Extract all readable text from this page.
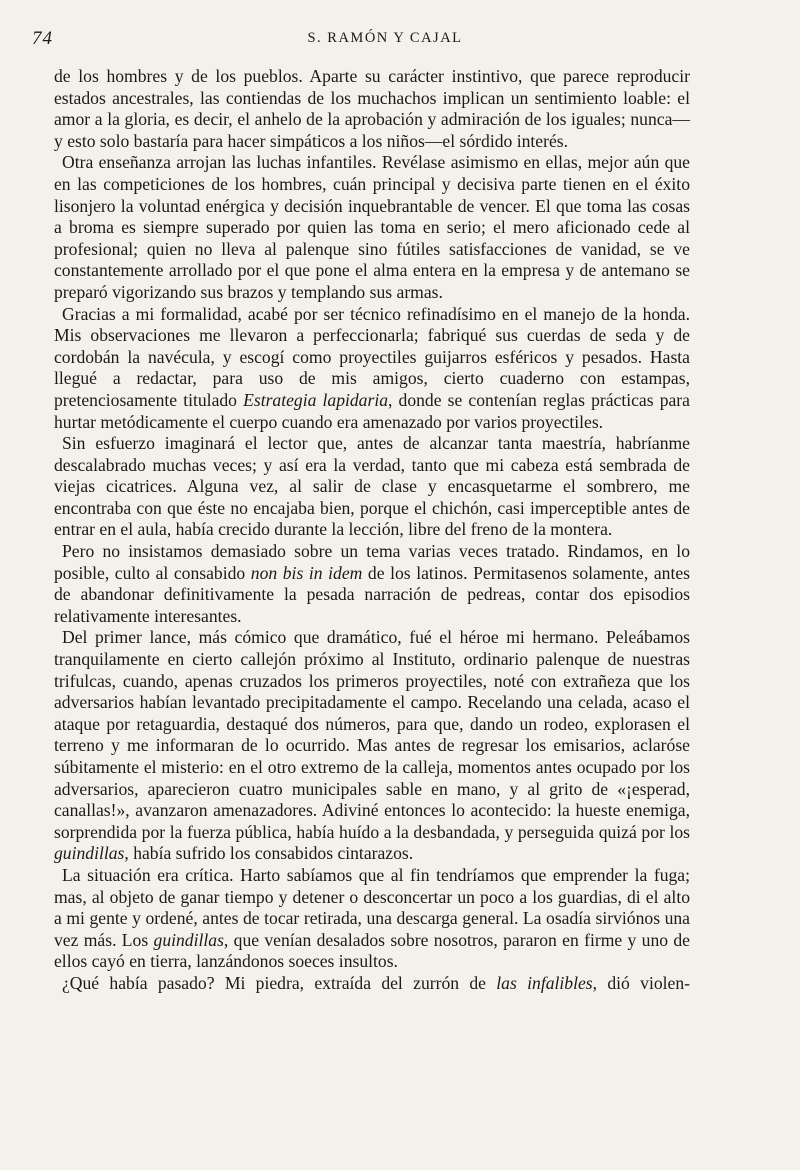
74	S. RAMÓN Y CAJAL

de los hombres y de los pueblos. Aparte su carácter instintivo, que parece reproducir estados ancestrales, las contiendas de los muchachos implican un sentimiento loable: el amor a la gloria, es decir, el anhelo de la aprobación y admiración de los iguales; nunca—y esto solo bastaría para hacer simpáticos a los niños—el sórdido interés.

Otra enseñanza arrojan las luchas infantiles. Revélase asimismo en ellas, mejor aún que en las competiciones de los hombres, cuán principal y decisiva parte tienen en el éxito lisonjero la voluntad enérgica y decisión inquebrantable de vencer. El que toma las cosas a broma es siempre superado por quien las toma en serio; el mero aficionado cede al profesional; quien no lleva al palenque sino fútiles satisfacciones de vanidad, se ve constantemente arrollado por el que pone el alma entera en la empresa y de antemano se preparó vigorizando sus brazos y templando sus armas.

Gracias a mi formalidad, acabé por ser técnico refinadísimo en el manejo de la honda. Mis observaciones me llevaron a perfeccionarla; fabriqué sus cuerdas de seda y de cordobán la navécula, y escogí como proyectiles guijarros esféricos y pesados. Hasta llegué a redactar, para uso de mis amigos, cierto cuaderno con estampas, pretenciosamente titulado Estrategia lapidaria, donde se contenían reglas prácticas para hurtar metódicamente el cuerpo cuando era amenazado por varios proyectiles.

Sin esfuerzo imaginará el lector que, antes de alcanzar tanta maestría, habríanme descalabrado muchas veces; y así era la verdad, tanto que mi cabeza está sembrada de viejas cicatrices. Alguna vez, al salir de clase y encasquetarme el sombrero, me encontraba con que éste no encajaba bien, porque el chichón, casi imperceptible antes de entrar en el aula, había crecido durante la lección, libre del freno de la montera.

Pero no insistamos demasiado sobre un tema varias veces tratado. Rindamos, en lo posible, culto al consabido non bis in idem de los latinos. Permitasenos solamente, antes de abandonar definitivamente la pesada narración de pedreas, contar dos episodios relativamente interesantes.

Del primer lance, más cómico que dramático, fué el héroe mi hermano. Peleábamos tranquilamente en cierto callejón próximo al Instituto, ordinario palenque de nuestras trifulcas, cuando, apenas cruzados los primeros proyectiles, noté con extrañeza que los adversarios habían levantado precipitadamente el campo. Recelando una celada, acaso el ataque por retaguardia, destaqué dos números, para que, dando un rodeo, explorasen el terreno y me informaran de lo ocurrido. Mas antes de regresar los emisarios, aclaróse súbitamente el misterio: en el otro extremo de la calleja, momentos antes ocupado por los adversarios, aparecieron cuatro municipales sable en mano, y al grito de «¡esperad, canallas!», avanzaron amenazadores. Adiviné entonces lo acontecido: la hueste enemiga, sorprendida por la fuerza pública, había huído a la desbandada, y perseguida quizá por los guindillas, había sufrido los consabidos cintarazos.

La situación era crítica. Harto sabíamos que al fin tendríamos que emprender la fuga; mas, al objeto de ganar tiempo y detener o desconcertar un poco a los guardias, di el alto a mi gente y ordené, antes de tocar retirada, una descarga general. La osadía sirviónos una vez más. Los guindillas, que venían desalados sobre nosotros, pararon en firme y uno de ellos cayó en tierra, lanzándonos soeces insultos.

¿Qué había pasado? Mi piedra, extraída del zurrón de las infalibles, dió violen-
